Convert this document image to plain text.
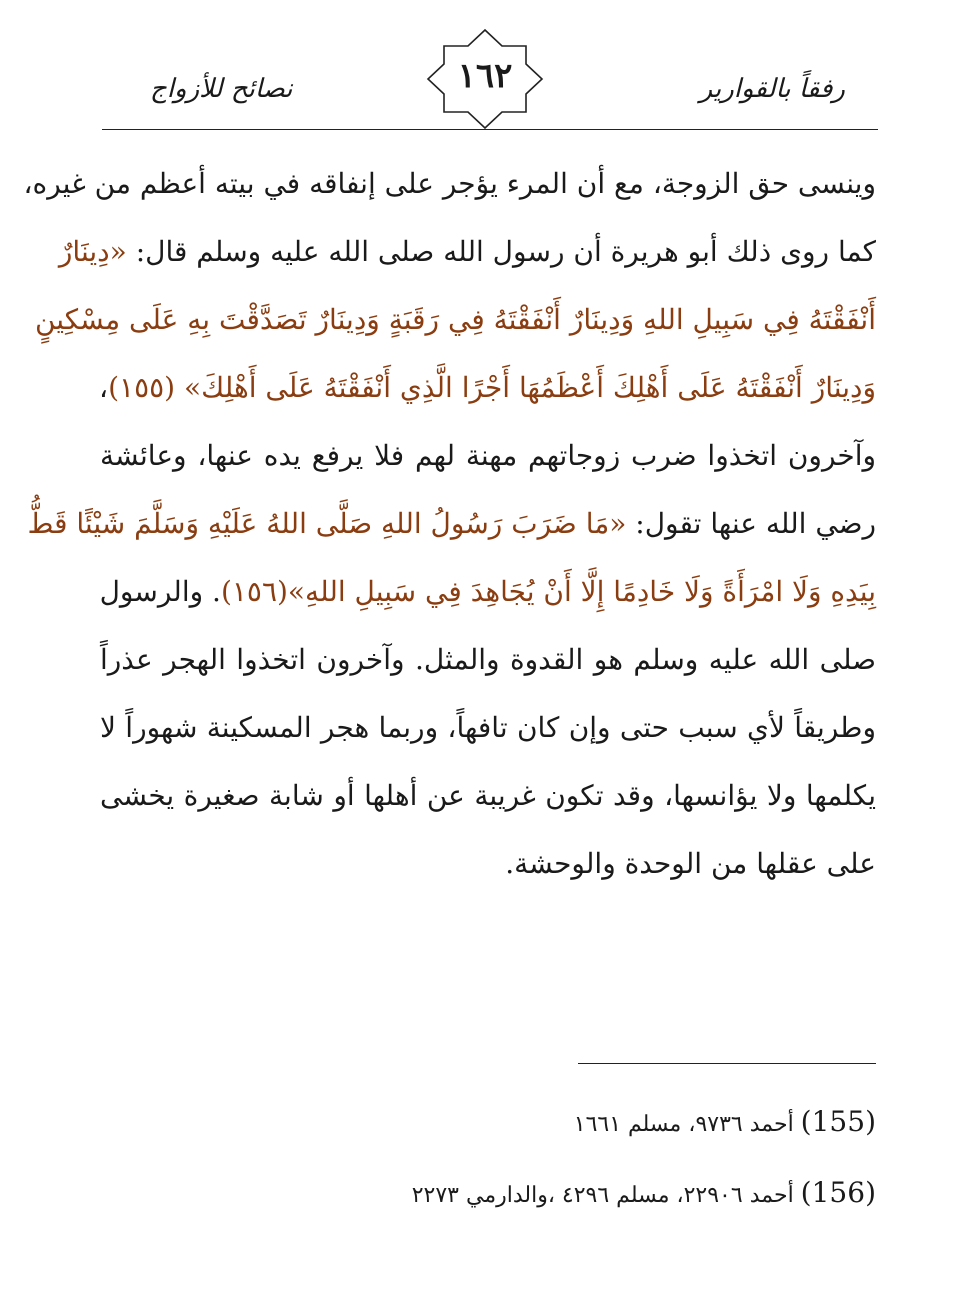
رفقاً بالقوارير
١٦٢
نصائح للأزواج
وينسى حق الزوجة، مع أن المرء يؤجر على إنفاقه في بيته أعظم من غيره،
كما روى ذلك أبو هريرة أن رسول الله صلى الله عليه وسلم قال: «دِينَارٌ
أَنْفَقْتَهُ فِي سَبِيلِ اللهِ وَدِينَارٌ أَنْفَقْتَهُ فِي رَقَبَةٍ وَدِينَارٌ تَصَدَّقْتَ بِهِ عَلَى مِسْكِينٍ
وَدِينَارٌ أَنْفَقْتَهُ عَلَى أَهْلِكَ أَعْظَمُهَا أَجْرًا الَّذِي أَنْفَقْتَهُ عَلَى أَهْلِكَ» (١٥٥)،
وآخرون اتخذوا ضرب زوجاتهم مهنة لهم فلا يرفع يده عنها، وعائشة
رضي الله عنها تقول: «مَا ضَرَبَ رَسُولُ اللهِ صَلَّى اللهُ عَلَيْهِ وَسَلَّمَ شَيْئًا قَطُّ
بِيَدِهِ وَلَا امْرَأَةً وَلَا خَادِمًا إِلَّا أَنْ يُجَاهِدَ فِي سَبِيلِ اللهِ»(١٥٦). والرسول
صلى الله عليه وسلم هو القدوة والمثل. وآخرون اتخذوا الهجر عذراً
وطريقاً لأي سبب حتى وإن كان تافهاً، وربما هجر المسكينة شهوراً لا
يكلمها ولا يؤانسها، وقد تكون غريبة عن أهلها أو شابة صغيرة يخشى
على عقلها من الوحدة والوحشة.
(155) أحمد ٩٧٣٦، مسلم ١٦٦١
(156) أحمد ٢٢٩٠٦، مسلم ٤٢٩٦ ،والدارمي ٢٢٧٣
